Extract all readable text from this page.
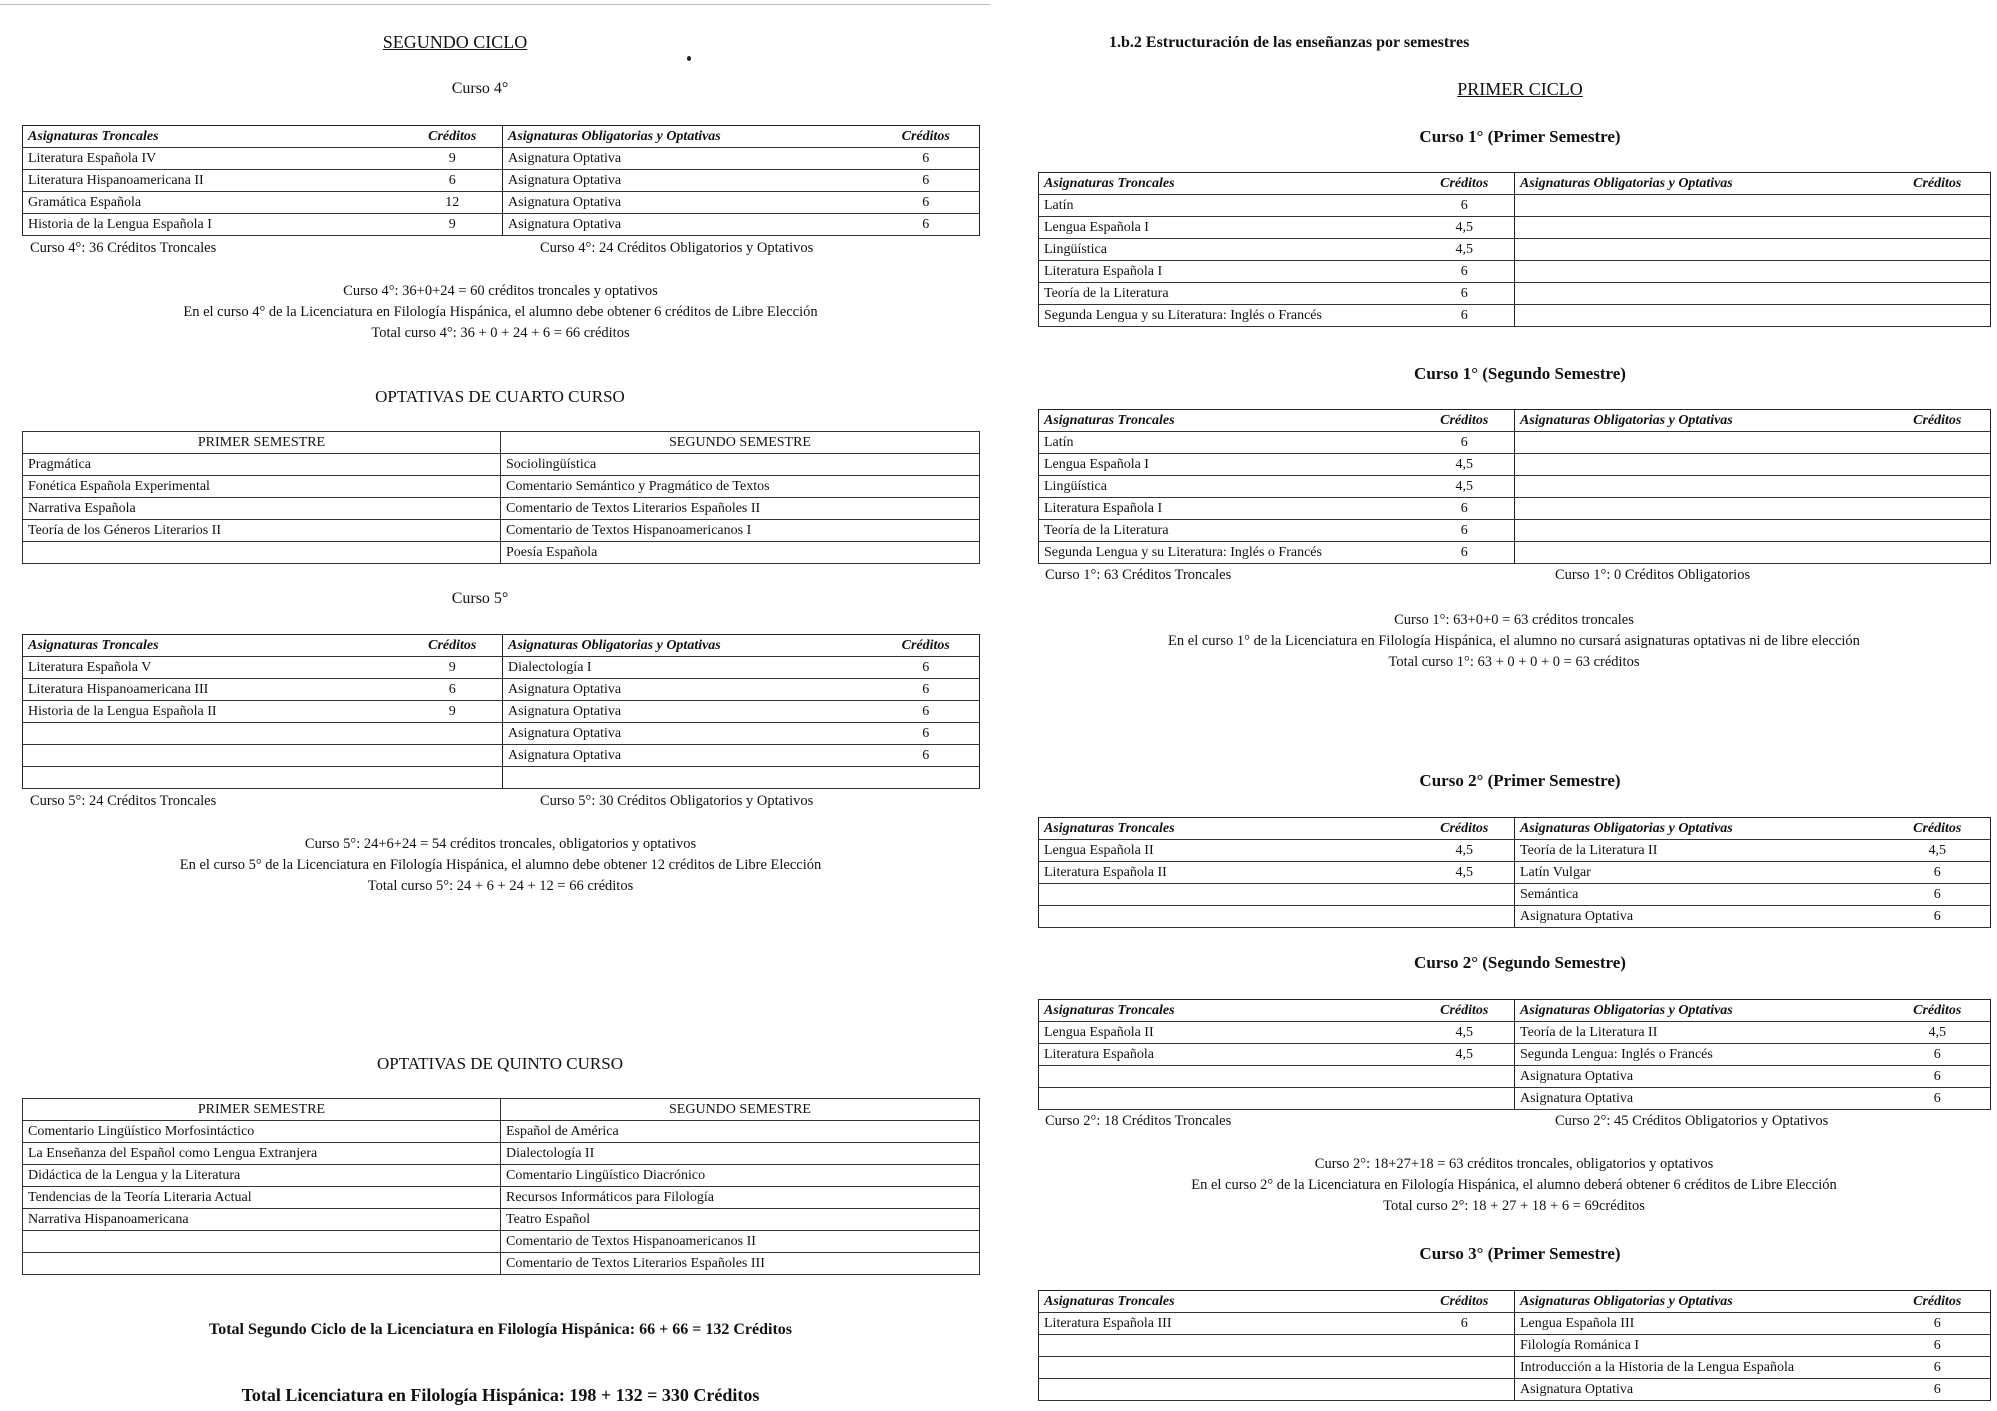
SEGUNDO CICLO
Curso 4°
Asignaturas Troncales	Créditos	Asignaturas Obligatorias y Optativas	Créditos
Literatura Española IV	9	Asignatura Optativa	6
Literatura Hispanoamericana II	6	Asignatura Optativa	6
Gramática Española	12	Asignatura Optativa	6
Historia de la Lengua Española I	9	Asignatura Optativa	6
Curso 4°: 36 Créditos Troncales	Curso 4°: 24 Créditos Obligatorios y Optativos
Curso 4°: 36+0+24 = 60 créditos troncales y optativos
En el curso 4° de la Licenciatura en Filología Hispánica, el alumno debe obtener 6 créditos de Libre Elección
Total curso 4°: 36 + 0 + 24 + 6 = 66 créditos
OPTATIVAS DE CUARTO CURSO
PRIMER SEMESTRE	SEGUNDO SEMESTRE
Pragmática	Sociolingüística
Fonética Española Experimental	Comentario Semántico y Pragmático de Textos
Narrativa Española	Comentario de Textos Literarios Españoles II
Teoría de los Géneros Literarios II	Comentario de Textos Hispanoamericanos I
	Poesía Española
Curso 5°
Asignaturas Troncales	Créditos	Asignaturas Obligatorias y Optativas	Créditos
Literatura Española V	9	Dialectología I	6
Literatura Hispanoamericana III	6	Asignatura Optativa	6
Historia de la Lengua Española II	9	Asignatura Optativa	6
		Asignatura Optativa	6
		Asignatura Optativa	6

Curso 5°: 24 Créditos Troncales	Curso 5°: 30 Créditos Obligatorios y Optativos
Curso 5°: 24+6+24 = 54 créditos troncales, obligatorios y optativos
En el curso 5° de la Licenciatura en Filología Hispánica, el alumno debe obtener 12 créditos de Libre Elección
Total curso 5°: 24 + 6 + 24 + 12 = 66 créditos
OPTATIVAS DE QUINTO CURSO
PRIMER SEMESTRE	SEGUNDO SEMESTRE
Comentario Lingüístico Morfosintáctico	Español de América
La Enseñanza del Español como Lengua Extranjera	Dialectología II
Didáctica de la Lengua y la Literatura	Comentario Lingüístico Diacrónico
Tendencias de la Teoría Literaria Actual	Recursos Informáticos para Filología
Narrativa Hispanoamericana	Teatro Español
	Comentario de Textos Hispanoamericanos II
	Comentario de Textos Literarios Españoles III
Total Segundo Ciclo de la Licenciatura en Filología Hispánica: 66 + 66 = 132 Créditos
Total Licenciatura en Filología Hispánica: 198 + 132 = 330 Créditos
1.b.2 Estructuración de las enseñanzas por semestres
PRIMER CICLO
Curso 1° (Primer Semestre)
Asignaturas Troncales	Créditos	Asignaturas Obligatorias y Optativas	Créditos
Latín	6		
Lengua Española I	4,5		
Lingüística	4,5		
Literatura Española I	6		
Teoría de la Literatura	6		
Segunda Lengua y su Literatura: Inglés o Francés	6		
Curso 1° (Segundo Semestre)
Asignaturas Troncales	Créditos	Asignaturas Obligatorias y Optativas	Créditos
Latín	6		
Lengua Española I	4,5		
Lingüística	4,5		
Literatura Española I	6		
Teoría de la Literatura	6		
Segunda Lengua y su Literatura: Inglés o Francés	6		
Curso 1°: 63 Créditos Troncales	Curso 1°: 0 Créditos Obligatorios
Curso 1°: 63+0+0 = 63 créditos troncales
En el curso 1° de la Licenciatura en Filología Hispánica, el alumno no cursará asignaturas optativas ni de libre elección
Total curso 1°: 63 + 0 + 0 + 0 = 63 créditos
Curso 2° (Primer Semestre)
Asignaturas Troncales	Créditos	Asignaturas Obligatorias y Optativas	Créditos
Lengua Española II	4,5	Teoría de la Literatura II	4,5
Literatura Española II	4,5	Latín Vulgar	6
		Semántica	6
		Asignatura Optativa	6
Curso 2° (Segundo Semestre)
Asignaturas Troncales	Créditos	Asignaturas Obligatorias y Optativas	Créditos
Lengua Española II	4,5	Teoría de la Literatura II	4,5
Literatura Española	4,5	Segunda Lengua: Inglés o Francés	6
		Asignatura Optativa	6
		Asignatura Optativa	6
Curso 2°: 18 Créditos Troncales	Curso 2°: 45 Créditos Obligatorios y Optativos
Curso 2°: 18+27+18 = 63 créditos troncales, obligatorios y optativos
En el curso 2° de la Licenciatura en Filología Hispánica, el alumno deberá obtener 6 créditos de Libre Elección
Total curso 2°: 18 + 27 + 18 + 6 = 69créditos
Curso 3° (Primer Semestre)
Asignaturas Troncales	Créditos	Asignaturas Obligatorias y Optativas	Créditos
Literatura Española III	6	Lengua Española III	6
		Filología Románica I	6
		Introducción a la Historia de la Lengua Española	6
		Asignatura Optativa	6
